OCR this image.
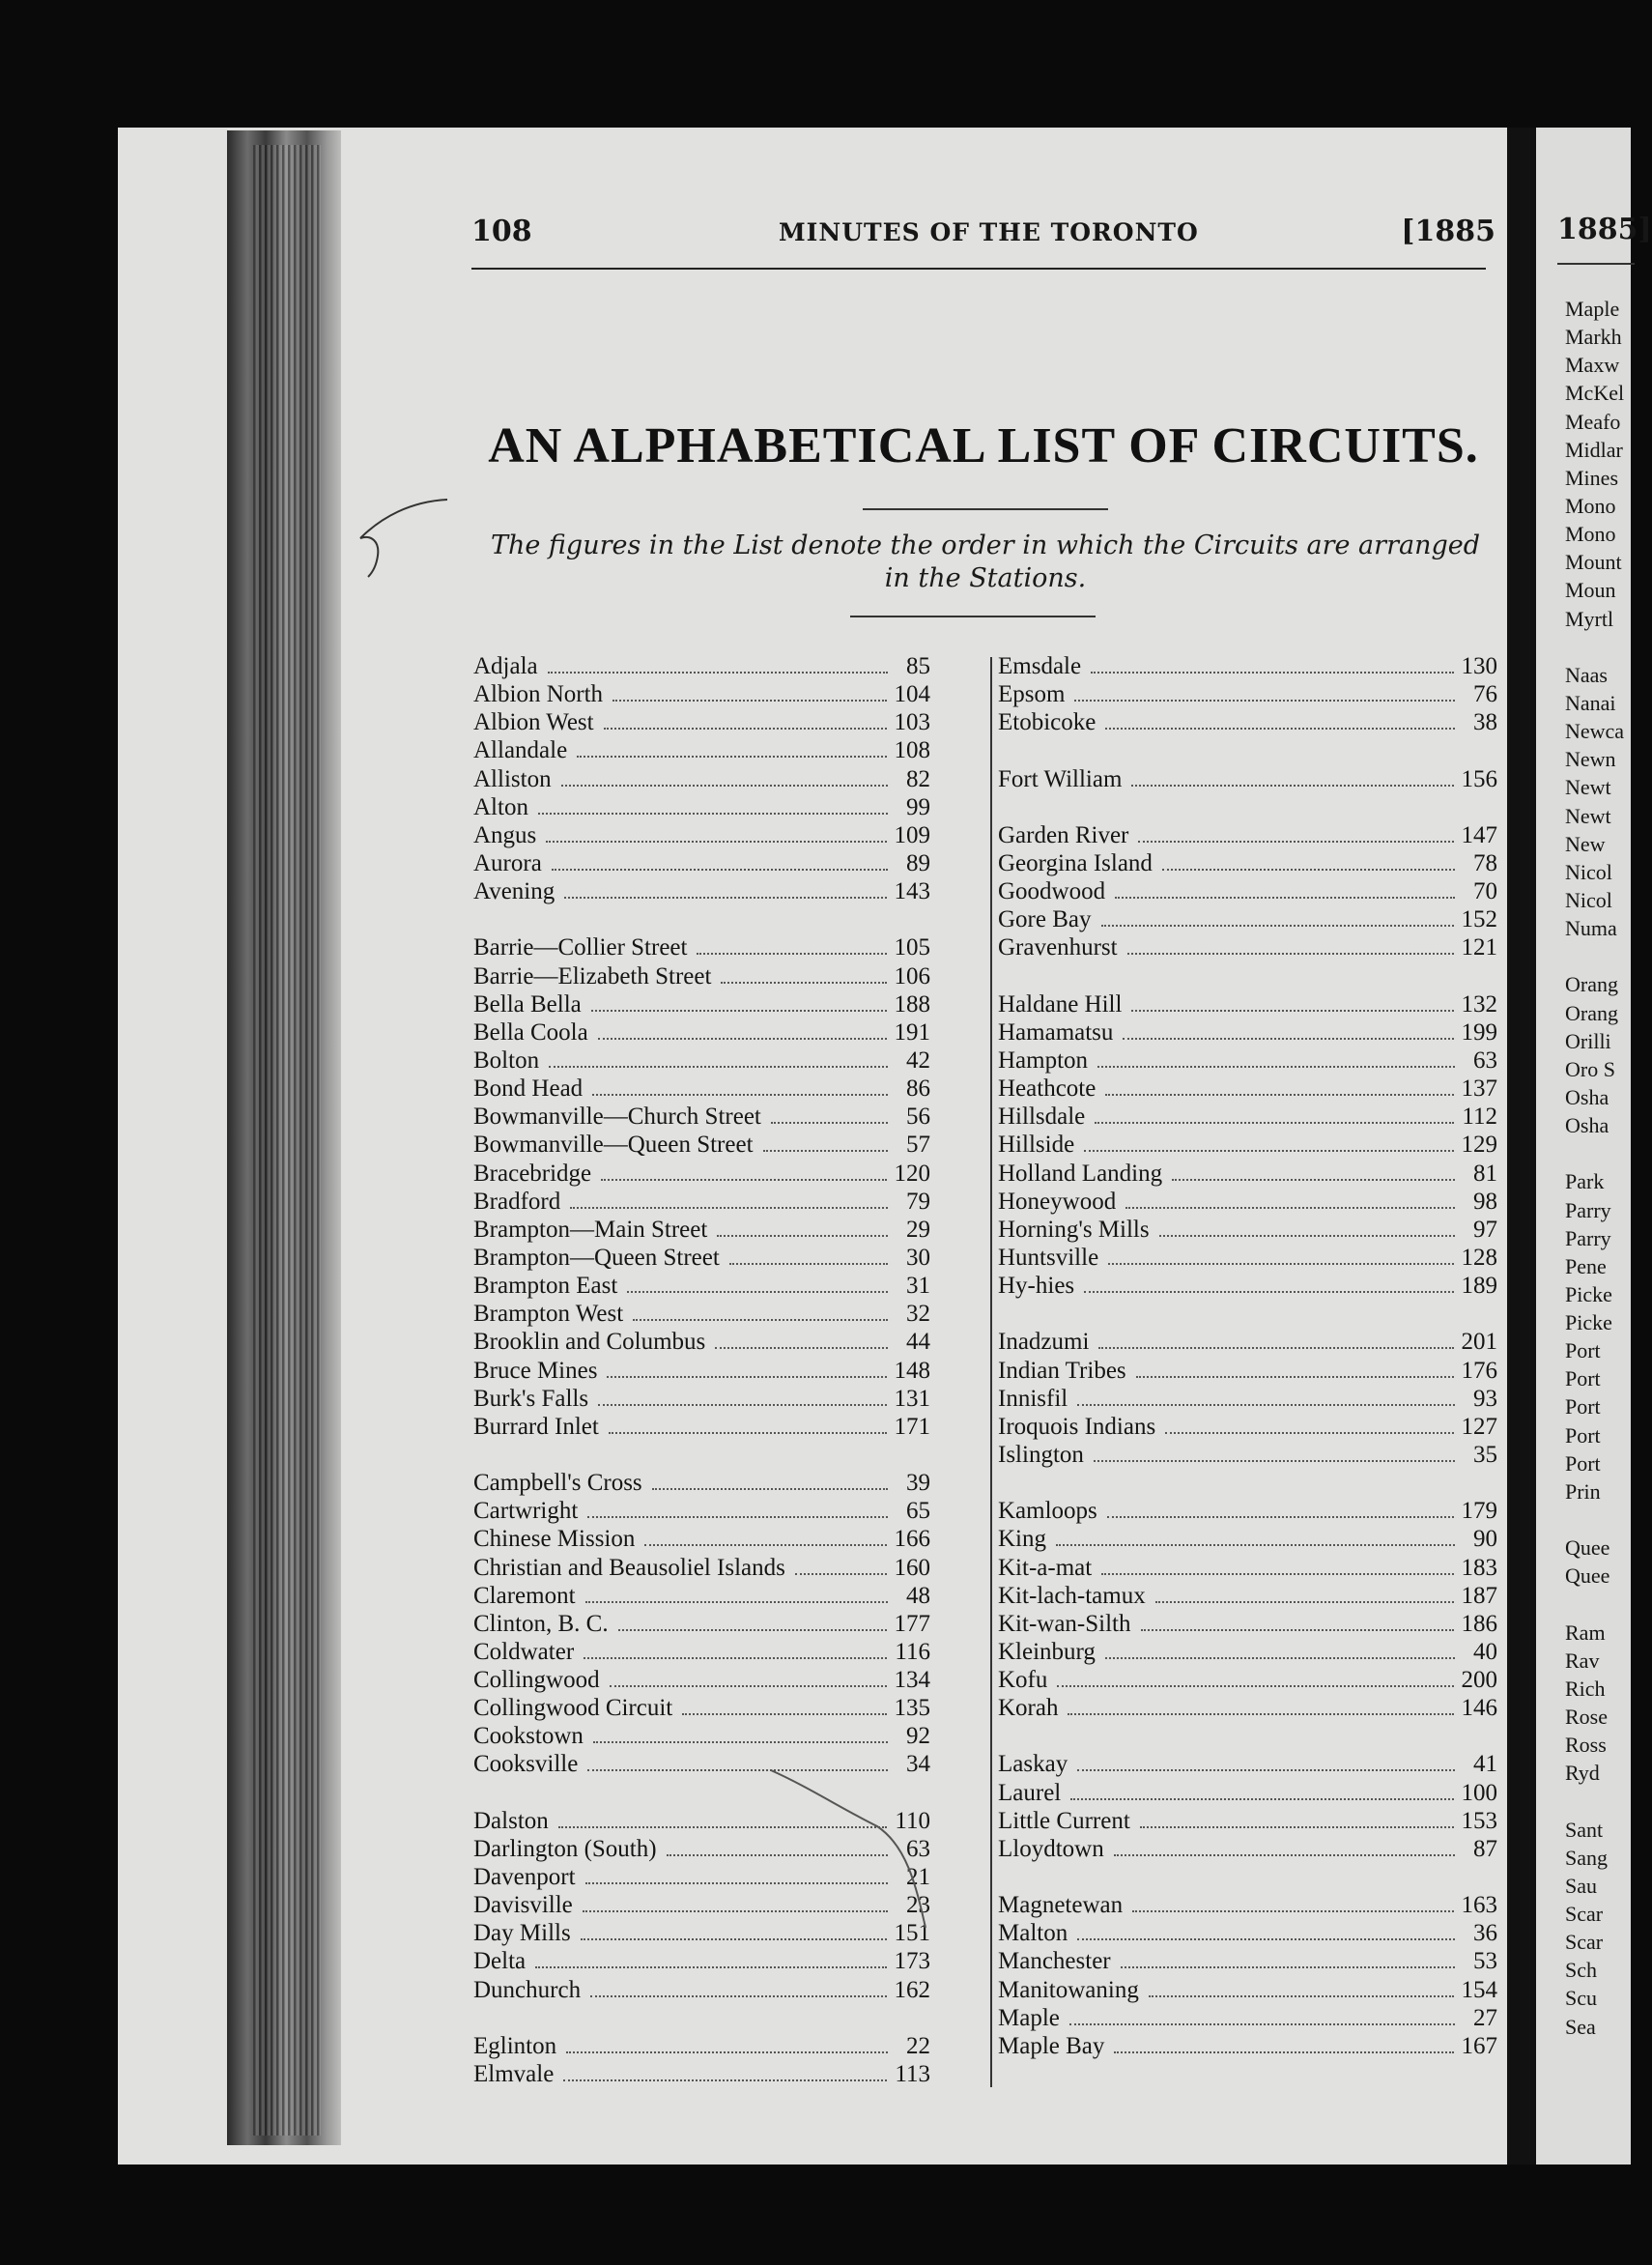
1885]
Maple
Markh
Maxw
McKel
Meafo
Midlar
Mines
Mono
Mono
Mount
Moun
Myrtl
Naas
Nanai
Newca
Newn
Newt
Newt
New
Nicol
Nicol
Numa
Orang
Orang
Orilli
Oro S
Osha
Osha
Park
Parry
Parry
Pene
Picke
Picke
Port
Port
Port
Port
Port
Prin
Quee
Quee
Ram
Rav
Rich
Rose
Ross
Ryd
Sant
Sang
Sau
Scar
Scar
Sch
Scu
Sea
108	MINUTES OF THE TORONTO	[1885
AN ALPHABETICAL LIST OF CIRCUITS.
The figures in the List denote the order in which the Circuits are arranged in the Stations.
Adjala	85
Albion North	104
Albion West	103
Allandale	108
Alliston	82
Alton	99
Angus	109
Aurora	89
Avening	143
Barrie—Collier Street	105
Barrie—Elizabeth Street	106
Bella Bella	188
Bella Coola	191
Bolton	42
Bond Head	86
Bowmanville—Church Street	56
Bowmanville—Queen Street	57
Bracebridge	120
Bradford	79
Brampton—Main Street	29
Brampton—Queen Street	30
Brampton East	31
Brampton West	32
Brooklin and Columbus	44
Bruce Mines	148
Burk's Falls	131
Burrard Inlet	171
Campbell's Cross	39
Cartwright	65
Chinese Mission	166
Christian and Beausoliel Islands	160
Claremont	48
Clinton, B. C.	177
Coldwater	116
Collingwood	134
Collingwood Circuit	135
Cookstown	92
Cooksville	34
Dalston	110
Darlington (South)	63
Davenport	21
Davisville	23
Day Mills	151
Delta	173
Dunchurch	162
Eglinton	22
Elmvale	113
Emsdale	130
Epsom	76
Etobicoke	38
Fort William	156
Garden River	147
Georgina Island	78
Goodwood	70
Gore Bay	152
Gravenhurst	121
Haldane Hill	132
Hamamatsu	199
Hampton	63
Heathcote	137
Hillsdale	112
Hillside	129
Holland Landing	81
Honeywood	98
Horning's Mills	97
Huntsville	128
Hy-hies	189
Inadzumi	201
Indian Tribes	176
Innisfil	93
Iroquois Indians	127
Islington	35
Kamloops	179
King	90
Kit-a-mat	183
Kit-lach-tamux	187
Kit-wan-Silth	186
Kleinburg	40
Kofu	200
Korah	146
Laskay	41
Laurel	100
Little Current	153
Lloydtown	87
Magnetewan	163
Malton	36
Manchester	53
Manitowaning	154
Maple	27
Maple Bay	167
